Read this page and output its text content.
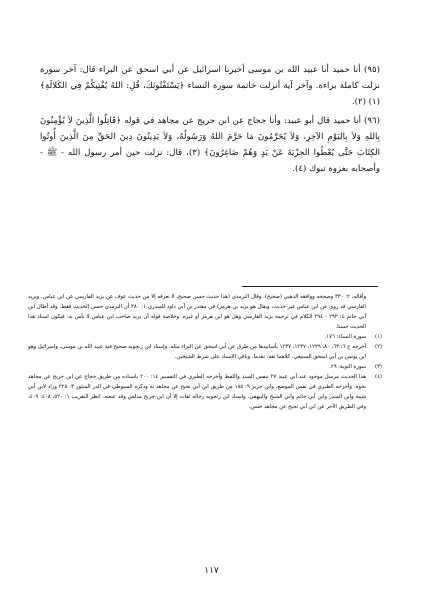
(٩٥) أنا حميد أنا عبيد الله بن موسى أخبرنا اسرائيل عن أبي اسحق عن البراء قال: آخر سورة نزلت كاملة براءة. وآخر آية أنزلت خاتمة سورة النساء ﴿يَسْتَفْتُونَكَ، قُلِ: اللهُ يُفْتِيكُمْ فِي الكَلالَةِ﴾ (١) (٢).

(٩٦) أنا حميد قال أبو عبيد: وأنا حجاج عن ابن جريج عن مجاهد في قوله ﴿قَاتِلُوا الَّذِينَ لاَ يُؤْمِنُونَ بِاللهِ وَلاَ بِاليَوْمِ الآخِرِ، وَلاَ يُحَرِّمُونَ مَا حَرَّمَ اللهُ وَرَسُولُهُ، وَلاَ يَدِينُونَ دِينَ الحَقِّ مِنَ الَّذِينَ أُوتُوا الكِتَابَ حَتَّى يُعْطُوا الجِزْيَةَ عَنْ يَدٍ وَهُمْ صَاغِرُونَ﴾ (٣)، قال: نزلت حين أمر رسول الله - ﷺ - وأصحابه بغزوة تبوك (٤).

وأقاله، ٢: ٣٣٠ وصححه ووافقه الذهبي (صحيح). وقال الترمذي (هذا حديث حسن صحيح، لا نعرفه إلا من حديث عوف عن يزيد الفارسي عن ابن عباس. ويزيد الفارسي قد روى عن ابن عباس غير حديث، ويقال هو يزيد بن هرمز) في مقتدر بن أبي داود للمنذري ١: ٣٨٠ أن الترمذي حسن الحديث فقط. وقد أطال ابن أبي حاتم ٤: ٢٩٣ - ٢٩٤ الكلام في ترجمة يزيد الفارسي وهل هو ابن هرمز أو غيره. وخلاصة قوله أن يزيد صاحب ابن عباس لا بأس به. فيكون اسناد هذا الحديث حسنا.
(١)
سورة النساء: ١٧٦.
(٢)
أخرجه ح ٦: ٦٣، ٨٠، ١٢٣٩، ١٢٣٧، ١٢٣٧ بأسانيدها من طرق عن أبي اسحق عن البراء مثله. وإسناد ابن زنجويه صحيح فيه عبيد الله بن موسى، واسرائيل وهو ابن يونس بن أبي اسحق السبيعي، كلاهما ثقة، تقدما. وباقي الإسناد على شرط الشيخين.
(٣)
سورة التوبة: ٢٩.
(٤)
هذا الحديث مرسل موجود عند أبي عبيد ٢٧ بنفس السند واللفظ وأخرجه الطبري في التفسير ١٤: ٢٠٠ باسناده من طريق حجاج عن ابن جريج عن مجاهد نحوه. وأخرجه الطبري في نفس الموضع، وابن جرير ٩: ١٨٥ من طريق ابن أبي نجيح عن مجاهد به وذكره السيوطي في الدر المنثور ٣: ٢٢٨ وزاد لابن أبي شيبة وابن المنذر وابن أبي حاتم وأبي الشيخ والبيهقي. واسناد ابن زنجويه رجاله ثقات إلا أن ابن جريج مدلس وقد عنعنه. انظر التقريب ١: ٥٢٠، ٤٠٨: ٤٠٩، وفي الطريق الآخر عن ابن أبي نجيح عن مجاهد حسن.
١١٧
